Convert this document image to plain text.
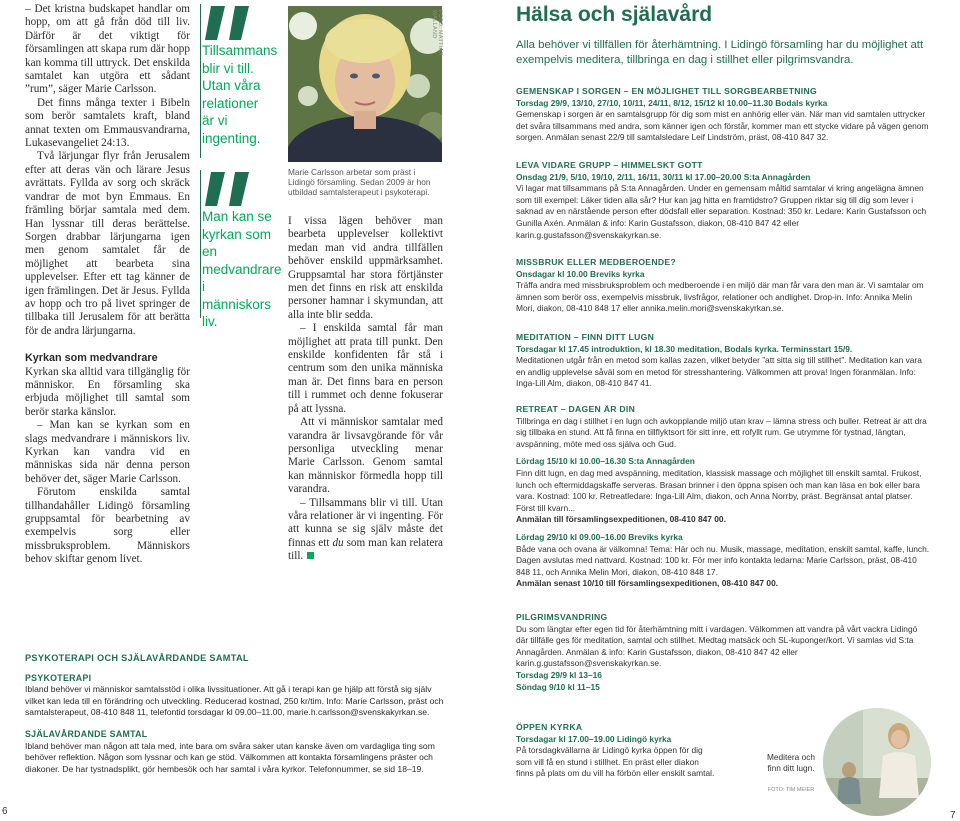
– Det kristna budskapet handlar om hopp, om att gå från död till liv. Därför är det viktigt för församlingen att skapa rum där hopp kan komma till uttryck. Det enskilda samtalet kan utgöra ett sådant ”rum”, säger Marie Carlsson.

Det finns många texter i Bibeln som berör samtalets kraft, bland annat texten om Emmausvandrarna, Lukasevangeliet 24:13.

Två lärjungar flyr från Jerusalem efter att deras vän och lärare Jesus avrättats. Fyllda av sorg och skräck vandrar de mot byn Emmaus. En främling börjar samtala med dem. Han lyssnar till deras berättelse. Sorgen drabbar lärjungarna igen men genom samtalet får de möjlighet att bearbeta sina upplevelser. Efter ett tag känner de igen främlingen. Det är Jesus. Fyllda av hopp och tro på livet springer de tillbaka till Jerusalem för att berätta för de andra lärjungarna.

Kyrkan som medvandrare

Kyrkan ska alltid vara tillgänglig för människor. En församling ska erbjuda möjlighet till samtal som berör starka känslor.

– Man kan se kyrkan som en slags medvandrare i människors liv. Kyrkan kan vandra vid en människas sida när denna person behöver det, säger Marie Carlsson.

Förutom enskilda samtal tillhandahåller Lidingö församling gruppsamtal för bearbetning av exempelvis sorg eller missbruksproblem. Människors behov skiftar genom livet.

Tillsammans blir vi till. Utan våra relationer är vi ingenting.
Man kan se kyrkan som en medvandrare i människors liv.
FOTO: MATTIAS WALLAND
Marie Carlsson arbetar som präst i Lidingö församling. Sedan 2009 är hon utbildad samtalsterapeut i psykoterapi.

I vissa lägen behöver man bearbeta upplevelser kollektivt medan man vid andra tillfällen behöver enskild uppmärksamhet. Gruppsamtal har stora förtjänster men det finns en risk att enskilda personer hamnar i skymundan, att alla inte blir sedda.

– I enskilda samtal får man möjlighet att prata till punkt. Den enskilde konfidenten får stå i centrum som den unika människa man är. Det finns bara en person till i rummet och denne fokuserar på att lyssna.

Att vi människor samtalar med varandra är livsavgörande för vår personliga utveckling menar Marie Carlsson. Genom samtal kan människor förmedla hopp till varandra.

– Tillsammans blir vi till. Utan våra relationer är vi ingenting. För att kunna se sig själv måste det finnas ett du som man kan relatera till.

PSYKOTERAPI OCH SJÄLAVÅRDANDE SAMTAL
PSYKOTERAPI

Ibland behöver vi människor samtalsstöd i olika livssituationer. Att gå i terapi kan ge hjälp att förstå sig själv vilket kan leda till en förändring och utveckling. Reducerad kostnad, 250 kr/tim. Info: Marie Carlsson, präst och samtalsterapeut, 08-410 848 11, telefontid torsdagar kl 09.00–11.00, marie.h.carlsson@svenskakyrkan.se.

SJÄLAVÅRDANDE SAMTAL

Ibland behöver man någon att tala med, inte bara om svåra saker utan kanske även om vardagliga ting som behöver reflektion. Någon som lyssnar och kan ge stöd. Välkommen att kontakta församlingens präster och diakoner. De har tystnadsplikt, gör hembesök och har samtal i våra kyrkor. Telefonnummer, se sid 18–19.

6
Hälsa och själavård
Alla behöver vi tillfällen för återhämtning. I Lidingö församling har du möjlighet att exempelvis meditera, tillbringa en dag i stillhet eller pilgrimsvandra.
GEMENSKAP I SORGEN – EN MÖJLIGHET TILL SORGBEARBETNING
Torsdag 29/9, 13/10, 27/10, 10/11, 24/11, 8/12, 15/12 kl 10.00–11.30 Bodals kyrka

Gemenskap i sorgen är en samtalsgrupp för dig som mist en anhörig eller vän. När man vid samtalen uttrycker det svåra tillsammans med andra, som känner igen och förstår, kommer man ett stycke vidare på vägen genom sorgen. Anmälan senast 22/9 till samtalsledare Leif Lindström, präst, 08-410 847 32.

LEVA VIDARE GRUPP – HIMMELSKT GOTT
Onsdag 21/9, 5/10, 19/10, 2/11, 16/11, 30/11 kl 17.00–20.00 S:ta Annagården

Vi lagar mat tillsammans på S:ta Annagården. Under en gemensam måltid samtalar vi kring angelägna ämnen som till exempel: Läker tiden alla sår? Hur kan jag hitta en framtidstro? Gruppen riktar sig till dig som lever i saknad av en närstående person efter dödsfall eller separation. Kostnad: 350 kr. Ledare: Karin Gustafsson och Gunilla Axén. Anmälan & info: Karin Gustafsson, diakon, 08-410 847 42 eller karin.g.gustafsson@svenskakyrkan.se.

MISSBRUK ELLER MEDBEROENDE?
Onsdagar kl 10.00 Breviks kyrka

Träffa andra med missbruksproblem och medberoende i en miljö där man får vara den man är. Vi samtalar om ämnen som berör oss, exempelvis missbruk, livsfrågor, relationer och andlighet. Drop-in. Info: Annika Melin Mori, diakon, 08-410 848 17 eller annika.melin.mori@svenskakyrkan.se.

MEDITATION – FINN DITT LUGN
Torsdagar kl 17.45 introduktion, kl 18.30 meditation, Bodals kyrka. Terminsstart 15/9.

Meditationen utgår från en metod som kallas zazen, vilket betyder ”att sitta sig till stillhet”. Meditation kan vara en andlig upplevelse såväl som en metod för stresshantering. Välkommen att prova! Ingen föranmälan. Info: Inga-Lill Alm, diakon, 08-410 847 41.

RETREAT – DAGEN ÄR DIN

Tillbringa en dag i stillhet i en lugn och avkopplande miljö utan krav – lämna stress och buller. Retreat är att dra sig tillbaka en stund. Att få finna en tillflyktsort för sitt inre, ett rofyllt rum. Ge utrymme för tystnad, längtan, avspänning, möte med oss själva och Gud.

Lördag 15/10 kl 10.00–16.30 S:ta Annagården

Finn ditt lugn, en dag med avspänning, meditation, klassisk massage och möjlighet till enskilt samtal. Frukost, lunch och eftermiddagskaffe serveras. Brasan brinner i den öppna spisen och man kan läsa en bok eller bara vara. Kostnad: 100 kr. Retreatledare: Inga-Lill Alm, diakon, och Anna Norrby, präst. Begränsat antal platser. Först till kvarn...

Anmälan till församlingsexpeditionen, 08-410 847 00.
Lördag 29/10 kl 09.00–16.00 Breviks kyrka

Både vana och ovana är välkomna! Tema: Här och nu. Musik, massage, meditation, enskilt samtal, kaffe, lunch. Dagen avslutas med nattvard. Kostnad: 100 kr. För mer info kontakta ledarna: Marie Carlsson, präst, 08-410 848 11, och Annika Melin Mori, diakon, 08-410 848 17.

Anmälan senast 10/10 till församlingsexpeditionen, 08-410 847 00.
PILGRIMSVANDRING

Du som längtar efter egen tid för återhämtning mitt i vardagen. Välkommen att vandra på vårt vackra Lidingö där tillfälle ges för meditation, samtal och stillhet. Medtag matsäck och SL-kuponger/kort. Vi samlas vid S:ta Annagården. Anmälan & info: Karin Gustafsson, diakon, 08-410 847 42 eller karin.g.gustafsson@svenskakyrkan.se.

Torsdag 29/9 kl 13–16
Söndag 9/10 kl 11–15
ÖPPEN KYRKA
Torsdagar kl 17.00–19.00 Lidingö kyrka

På torsdagkvällarna är Lidingö kyrka öppen för dig som vill få en stund i stillhet. En präst eller diakon finns på plats om du vill ha förbön eller enskilt samtal.

Meditera och finn ditt lugn.
FOTO: TIM MEIER
7
